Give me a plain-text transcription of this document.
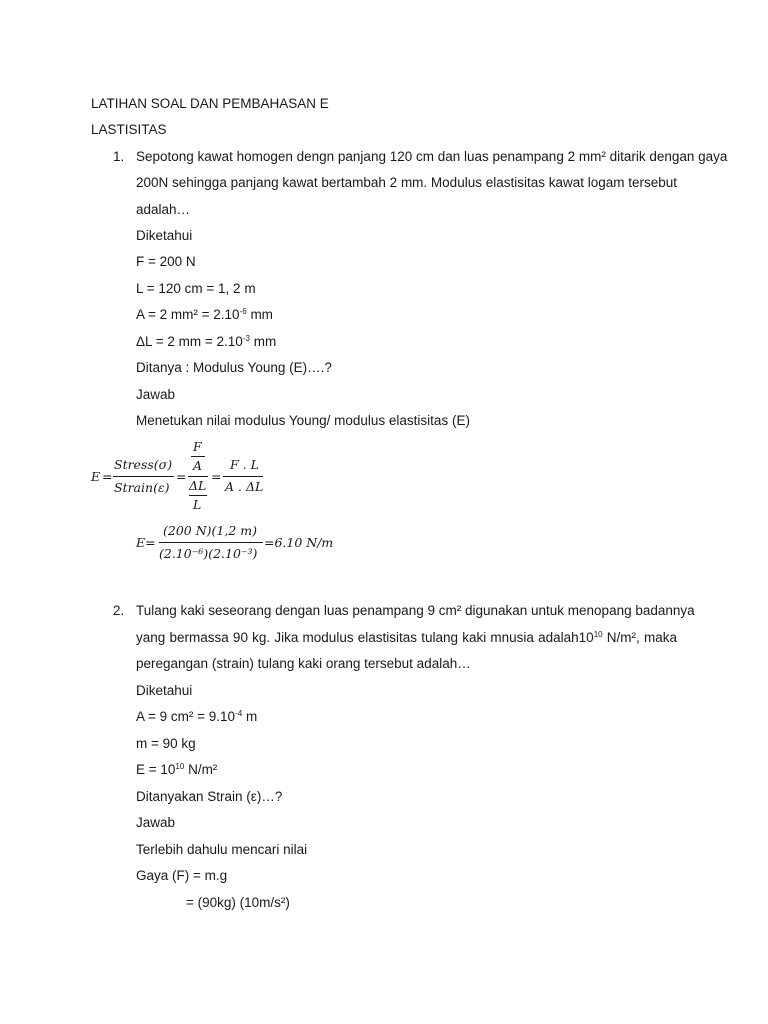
LATIHAN SOAL DAN PEMBAHASAN E
LASTISITAS
1. Sepotong kawat homogen dengn panjang 120 cm dan luas penampang 2 mm² ditarik dengan gaya
200N sehingga panjang kawat bertambah 2 mm. Modulus elastisitas kawat logam tersebut
adalah…
Diketahui
F = 200 N
L = 120 cm = 1, 2 m
A = 2 $mm^2 = 2.10^{-6}$ mm
ΔL = 2 mm = $2.10^{-3}$ mm
Ditanya : Modulus Young (E)….?
Jawab
Menetukan nilai modulus Young/ modulus elastisitas (E)
E =
Stress(σ)
Strain(ε)
=
F
A
ΔL
L
=
F . L
A . ΔL
E=
(200 N)(1,2 m)
(2.10⁻⁶)(2.10⁻³)
=6.10 N/m
2. Tulang kaki seseorang dengan luas penampang 9 cm² digunakan untuk menopang badannya
yang bermassa 90 kg. Jika modulus elastisitas tulang kaki mnusia $adalah10^{10}$ N/m², maka
peregangan (strain) tulang kaki orang tersebut adalah…
Diketahui
A = 9 $cm^2 = 9.10^{-4}$ m
m = 90 kg
$E = 10^{10}$ N/m²
Ditanyakan Strain (ε)…?
Jawab
Terlebih dahulu mencari nilai
Gaya (F) = m.g
= (90kg) (10m/s²)
